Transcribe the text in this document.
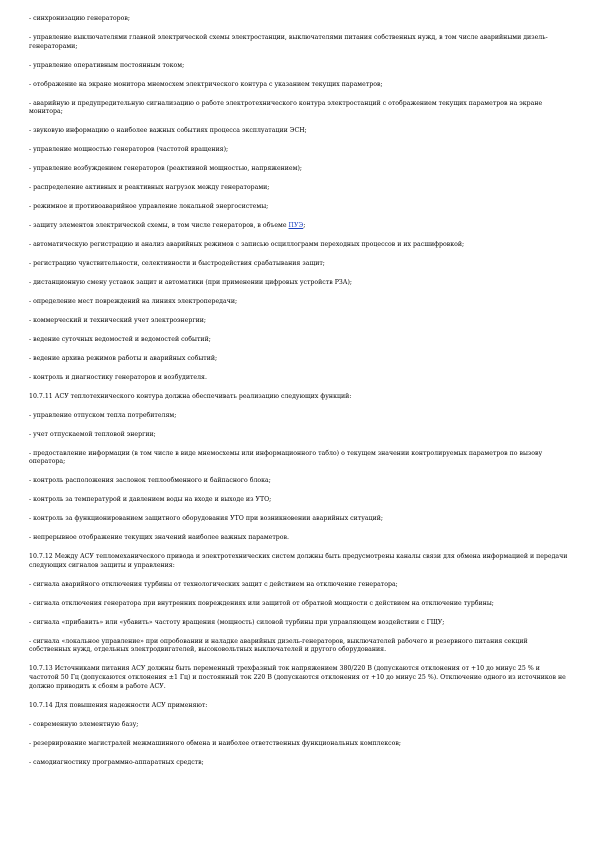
- синхронизацию генераторов;

- управление выключателями главной электрической схемы электростанции, выключателями питания собственных нужд, в том числе аварийными дизель-генераторами;

- управление оперативным постоянным током;

- отображение на экране монитора мнемосхем электрического контура с указанием текущих параметров;

- аварийную и предупредительную сигнализацию о работе электротехнического контура электростанций с отображением текущих параметров на экране монитора;

- звуковую информацию о наиболее важных событиях процесса эксплуатации ЭСН;

- управление мощностью генераторов (частотой вращения);

- управление возбуждением генераторов (реактивной мощностью, напряжением);

- распределение активных и реактивных нагрузок между генераторами;

- режимное и противоаварийное управление локальной энергосистемы;

- защиту элементов электрической схемы, в том числе генераторов, в объеме ПУЭ;

- автоматическую регистрацию и анализ аварийных режимов с записью осциллограмм переходных процессов и их расшифровкой;

- регистрацию чувствительности, селективности и быстродействия срабатывания защит;

- дистанционную смену уставок защит и автоматики (при применении цифровых устройств РЗА);

- определение мест повреждений на линиях электропередачи;

- коммерческий и технический учет электроэнергии;

- ведение суточных ведомостей и ведомостей событий;

- ведение архива режимов работы и аварийных событий;

- контроль и диагностику генераторов и возбудителя.

10.7.11 АСУ теплотехнического контура должна обеспечивать реализацию следующих функций:

- управление отпуском тепла потребителям;

- учет отпускаемой тепловой энергии;

- предоставление информации (в том числе в виде мнемосхемы или информационного табло) о текущем значении контролируемых параметров по вызову оператора;

- контроль расположения заслонок теплообменного и байпасного блока;

- контроль за температурой и давлением воды на входе и выходе из УТО;

- контроль за функционированием защитного оборудования УТО при возникновении аварийных ситуаций;

- непрерывное отображение текущих значений наиболее важных параметров.

10.7.12 Между АСУ тепломеханического привода и электротехнических систем должны быть предусмотрены каналы связи для обмена информацией и передачи следующих сигналов защиты и управления:

- сигнала аварийного отключения турбины от технологических защит с действием на отключение генератора;

- сигнала отключения генератора при внутренних повреждениях или защитой от обратной мощности с действием на отключение турбины;

- сигнала «прибавить» или «убавить» частоту вращения (мощность) силовой турбины при управляющем воздействии с ГЩУ;

- сигнала «локальное управление» при опробовании и наладке аварийных дизель-генераторов, выключателей рабочего и резервного питания секций собственных нужд, отдельных электродвигателей, высоковольтных выключателей и другого оборудования.

10.7.13 Источниками питания АСУ должны быть переменный трехфазный ток напряжением 380/220 В (допускаются отклонения от +10 до минус 25 % и частотой 50 Гц (допускаются отклонения ±1 Гц) и постоянный ток 220 В (допускаются отклонения от +10 до минус 25 %). Отключение одного из источников не должно приводить к сбоям в работе АСУ.

10.7.14 Для повышения надежности АСУ применяют:

- современную элементную базу;

- резервирование магистралей межмашинного обмена и наиболее ответственных функциональных комплексов;

- самодиагностику программно-аппаратных средств;
